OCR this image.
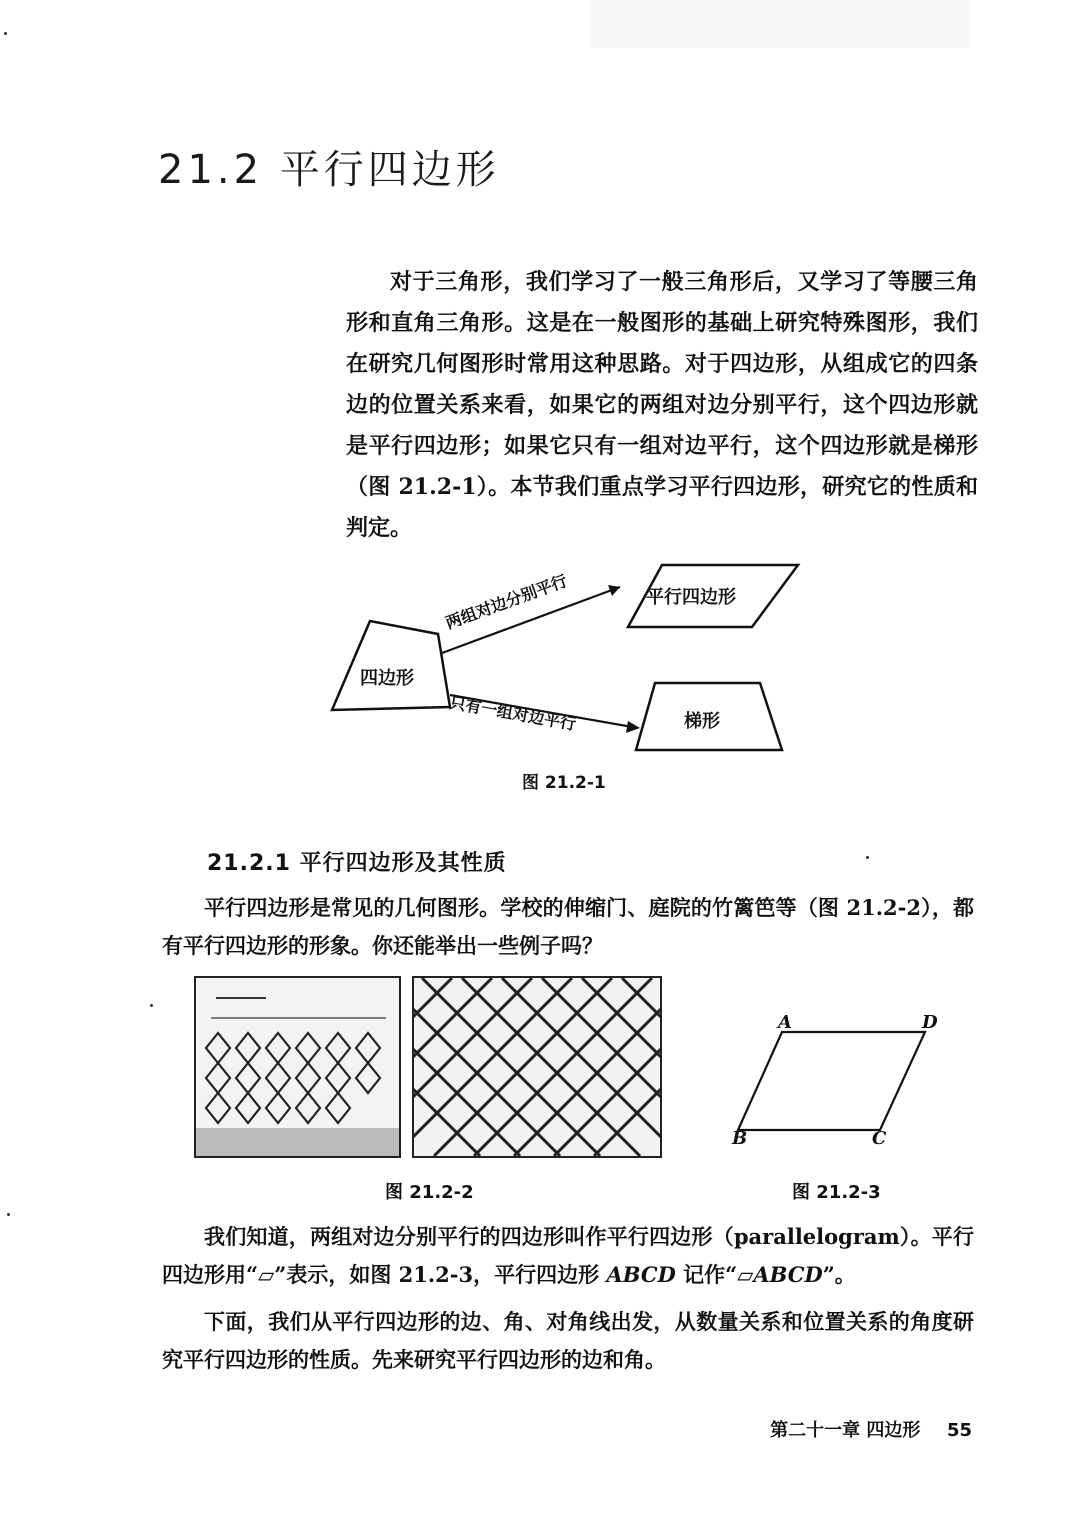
21.2 平行四边形

对于三角形，我们学习了一般三角形后，又学习了等腰三角形和直角三角形。这是在一般图形的基础上研究特殊图形，我们在研究几何图形时常用这种思路。对于四边形，从组成它的四条边的位置关系来看，如果它的两组对边分别平行，这个四边形就是平行四边形；如果它只有一组对边平行，这个四边形就是梯形（图 21.2-1）。本节我们重点学习平行四边形，研究它的性质和判定。

四边形
平行四边形
梯形
两组对边分别平行
只有一组对边平行
图 21.2-1
21.2.1 平行四边形及其性质

平行四边形是常见的几何图形。学校的伸缩门、庭院的竹篱笆等（图 21.2-2），都有平行四边形的形象。你还能举出一些例子吗？

图 21.2-2
A	D
B	C
图 21.2-3

我们知道，两组对边分别平行的四边形叫作平行四边形（parallelogram）。平行四边形用“▱”表示，如图 21.2-3，平行四边形 ABCD 记作“▱ABCD”。

下面，我们从平行四边形的边、角、对角线出发，从数量关系和位置关系的角度研究平行四边形的性质。先来研究平行四边形的边和角。

第二十一章 四边形 55
